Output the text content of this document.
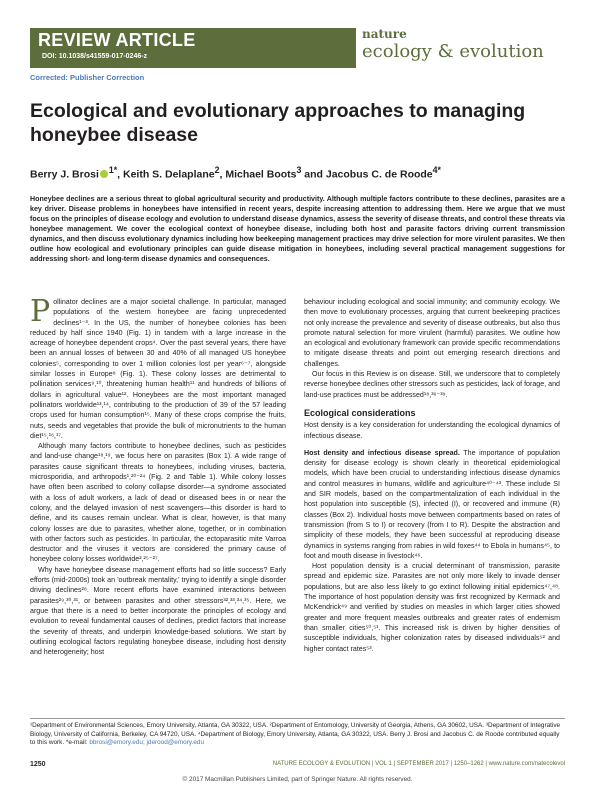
REVIEW ARTICLE
DOI: 10.1038/s41559-017-0246-z
nature
ecology & evolution
Corrected: Publisher Correction
Ecological and evolutionary approaches to managing honeybee disease
Berry J. Brosi $^{1*}$, Keith S. Delaplane$^2$, Michael Boots$^3$ and Jacobus C. de Roode$^{4*}$

Honeybee declines are a serious threat to global agricultural security and productivity. Although multiple factors contribute to these declines, parasites are a key driver. Disease problems in honeybees have intensified in recent years, despite increasing attention to addressing them. Here we argue that we must focus on the principles of disease ecology and evolution to understand disease dynamics, assess the severity of disease threats, and control these threats via honeybee management. We cover the ecological context of honeybee disease, including both host and parasite factors driving current transmission dynamics, and then discuss evolutionary dynamics including how beekeeping management practices may drive selection for more virulent parasites. We then outline how ecological and evolutionary principles can guide disease mitigation in honeybees, including several practical management suggestions for addressing short- and long-term disease dynamics and consequences.

Pollinator declines are a major societal challenge. In particular, managed populations of the western honeybee are facing unprecedented declines¹⁻³. In the US, the number of honeybee colonies has been reduced by half since 1940 (Fig. 1) in tandem with a large increase in the acreage of honeybee dependent crops⁴. Over the past several years, there have been an annual losses of between 30 and 40% of all managed US honeybee colonies⁵, corresponding to over 1 million colonies lost per year⁶⁻⁷, alongside similar losses in Europe⁸ (Fig. 1). These colony losses are detrimental to pollination services⁹,¹⁰, threatening human health¹¹ and hundreds of billions of dollars in agricultural value¹². Honeybees are the most important managed pollinators worldwide¹³,¹⁴, contributing to the production of 39 of the 57 leading crops used for human consumption¹⁵. Many of these crops comprise the fruits, nuts, seeds and vegetables that provide the bulk of micronutrients to the human diet¹⁵,¹⁶,¹⁷.

Although many factors contribute to honeybee declines, such as pesticides and land-use change¹⁸,¹⁹, we focus here on parasites (Box 1). A wide range of parasites cause significant threats to honeybees, including viruses, bacteria, microsporidia, and arthropods¹,²⁰⁻²⁴ (Fig. 2 and Table 1). While colony losses have often been ascribed to colony collapse disorder—a syndrome associated with a loss of adult workers, a lack of dead or diseased bees in or near the colony, and the delayed invasion of nest scavengers—this disorder is hard to define, and its causes remain unclear. What is clear, however, is that many colony losses are due to parasites, whether alone, together, or in combination with other factors such as pesticides. In particular, the ectoparasitic mite Varroa destructor and the viruses it vectors are considered the primary cause of honeybee colony losses worldwide²,²⁵⁻²⁷.

Why have honeybee disease management efforts had so little success? Early efforts (mid-2000s) took an 'outbreak mentality,' trying to identify a single disorder driving declines²⁸. More recent efforts have examined interactions between parasites²⁹,³⁰,³¹, or between parasites and other stressors³²,³³,³⁴,³⁵. Here, we argue that there is a need to better incorporate the principles of ecology and evolution to reveal fundamental causes of declines, predict factors that increase the severity of threats, and underpin knowledge-based solutions. We start by outlining ecological factors regulating honeybee disease, including host density and heterogeneity; host

behaviour including ecological and social immunity; and community ecology. We then move to evolutionary processes, arguing that current beekeeping practices not only increase the prevalence and severity of disease outbreaks, but also thus promote natural selection for more virulent (harmful) parasites. We outline how an ecological and evolutionary framework can provide specific recommendations to mitigate disease threats and point out emerging research directions and challenges.

Our focus in this Review is on disease. Still, we underscore that to completely reverse honeybee declines other stressors such as pesticides, lack of forage, and land-use practices must be addressed¹⁸,³⁶⁻³⁹.

Ecological considerations

Host density is a key consideration for understanding the ecological dynamics of infectious disease.

Host density and infectious disease spread. The importance of population density for disease ecology is shown clearly in theoretical epidemiological models, which have been crucial to understanding infectious disease dynamics and control measures in humans, wildlife and agriculture⁴⁰⁻⁴³. These include SI and SIR models, based on the compartmentalization of each individual in the host population into susceptible (S), infected (I), or recovered and immune (R) classes (Box 2). Individual hosts move between compartments based on rates of transmission (from S to I) or recovery (from I to R). Despite the abstraction and simplicity of these models, they have been successful at reproducing disease dynamics in systems ranging from rabies in wild foxes⁴⁴ to Ebola in humans⁴⁵, to foot and mouth disease in livestock⁴⁶.

Host population density is a crucial determinant of transmission, parasite spread and epidemic size. Parasites are not only more likely to invade denser populations, but are also less likely to go extinct following initial epidemics⁴⁷,⁴⁸. The importance of host population density was first recognized by Kermack and McKendrick⁴⁹ and verified by studies on measles in which larger cities showed greater and more frequent measles outbreaks and greater rates of endemism than smaller cities⁵⁰,⁵¹. This increased risk is driven by higher densities of susceptible individuals, higher colonization rates by diseased individuals⁵² and higher contact rates⁵³.

¹Department of Environmental Sciences, Emory University, Atlanta, GA 30322, USA. ²Department of Entomology, University of Georgia, Athens, GA 30602, USA. ³Department of Integrative Biology, University of California, Berkeley, CA 94720, USA. ⁴Department of Biology, Emory University, Atlanta, GA 30322, USA. Berry J. Brosi and Jacobus C. de Roode contributed equally to this work. *e-mail: bbrosi@emory.edu; jderood@emory.edu
1250	NATURE ECOLOGY & EVOLUTION | VOL 1 | SEPTEMBER 2017 | 1250–1262 | www.nature.com/natecolevol
© 2017 Macmillan Publishers Limited, part of Springer Nature. All rights reserved.
